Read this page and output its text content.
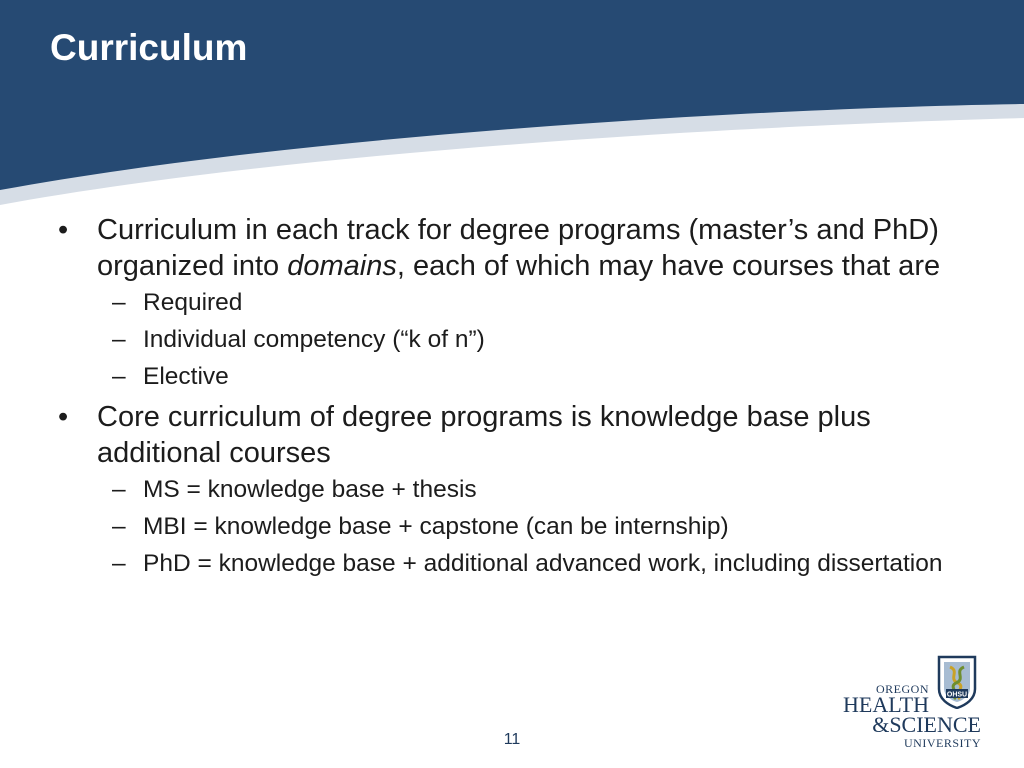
Curriculum
• Curriculum in each track for degree programs (master’s and PhD) organized into domains, each of which may have courses that are
– Required
– Individual competency (“k of n”)
– Elective
• Core curriculum of degree programs is knowledge base plus additional courses
– MS = knowledge base + thesis
– MBI = knowledge base + capstone (can be internship)
– PhD = knowledge base + additional advanced work, including dissertation
11
OHSU
OREGON
HEALTH
&SCIENCE
UNIVERSITY
